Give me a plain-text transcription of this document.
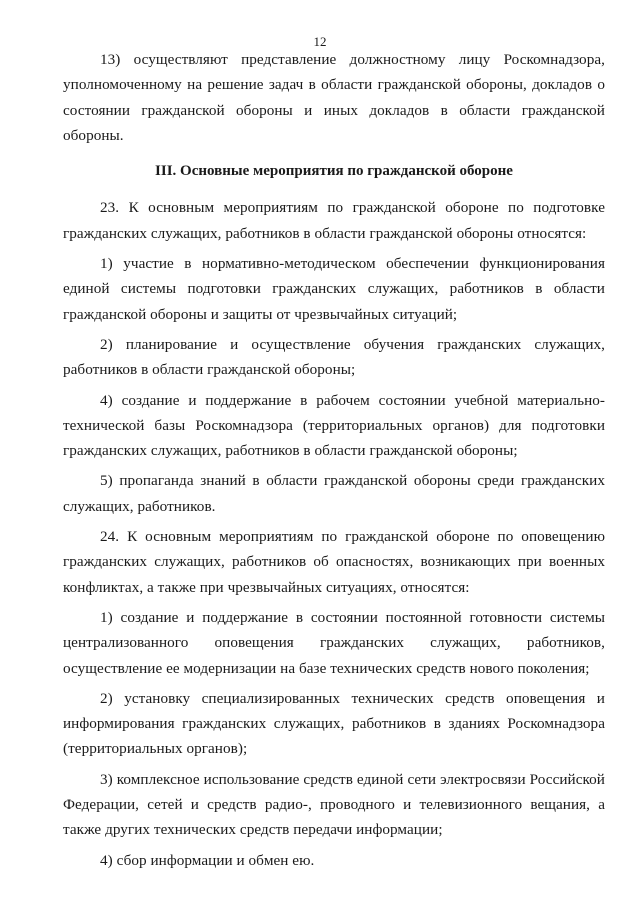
12

13) осуществляют представление должностному лицу Роскомнадзора, уполномоченному на решение задач в области гражданской обороны, докладов о состоянии гражданской обороны и иных докладов в области гражданской обороны.

III. Основные мероприятия по гражданской обороне

23. К основным мероприятиям по гражданской обороне по подготовке гражданских служащих, работников в области гражданской обороны относятся:

1) участие в нормативно-методическом обеспечении функционирования единой системы подготовки гражданских служащих, работников в области гражданской обороны и защиты от чрезвычайных ситуаций;

2) планирование и осуществление обучения гражданских служащих, работников в области гражданской обороны;

4) создание и поддержание в рабочем состоянии учебной материально-технической базы Роскомнадзора (территориальных органов) для подготовки гражданских служащих, работников в области гражданской обороны;

5) пропаганда знаний в области гражданской обороны среди гражданских служащих, работников.

24. К основным мероприятиям по гражданской обороне по оповещению гражданских служащих, работников об опасностях, возникающих при военных конфликтах, а также при чрезвычайных ситуациях, относятся:

1) создание и поддержание в состоянии постоянной готовности системы централизованного оповещения гражданских служащих, работников, осуществление ее модернизации на базе технических средств нового поколения;

2) установку специализированных технических средств оповещения и информирования гражданских служащих, работников в зданиях Роскомнадзора (территориальных органов);

3) комплексное использование средств единой сети электросвязи Российской Федерации, сетей и средств радио-, проводного и телевизионного вещания, а также других технических средств передачи информации;

4) сбор информации и обмен ею.
